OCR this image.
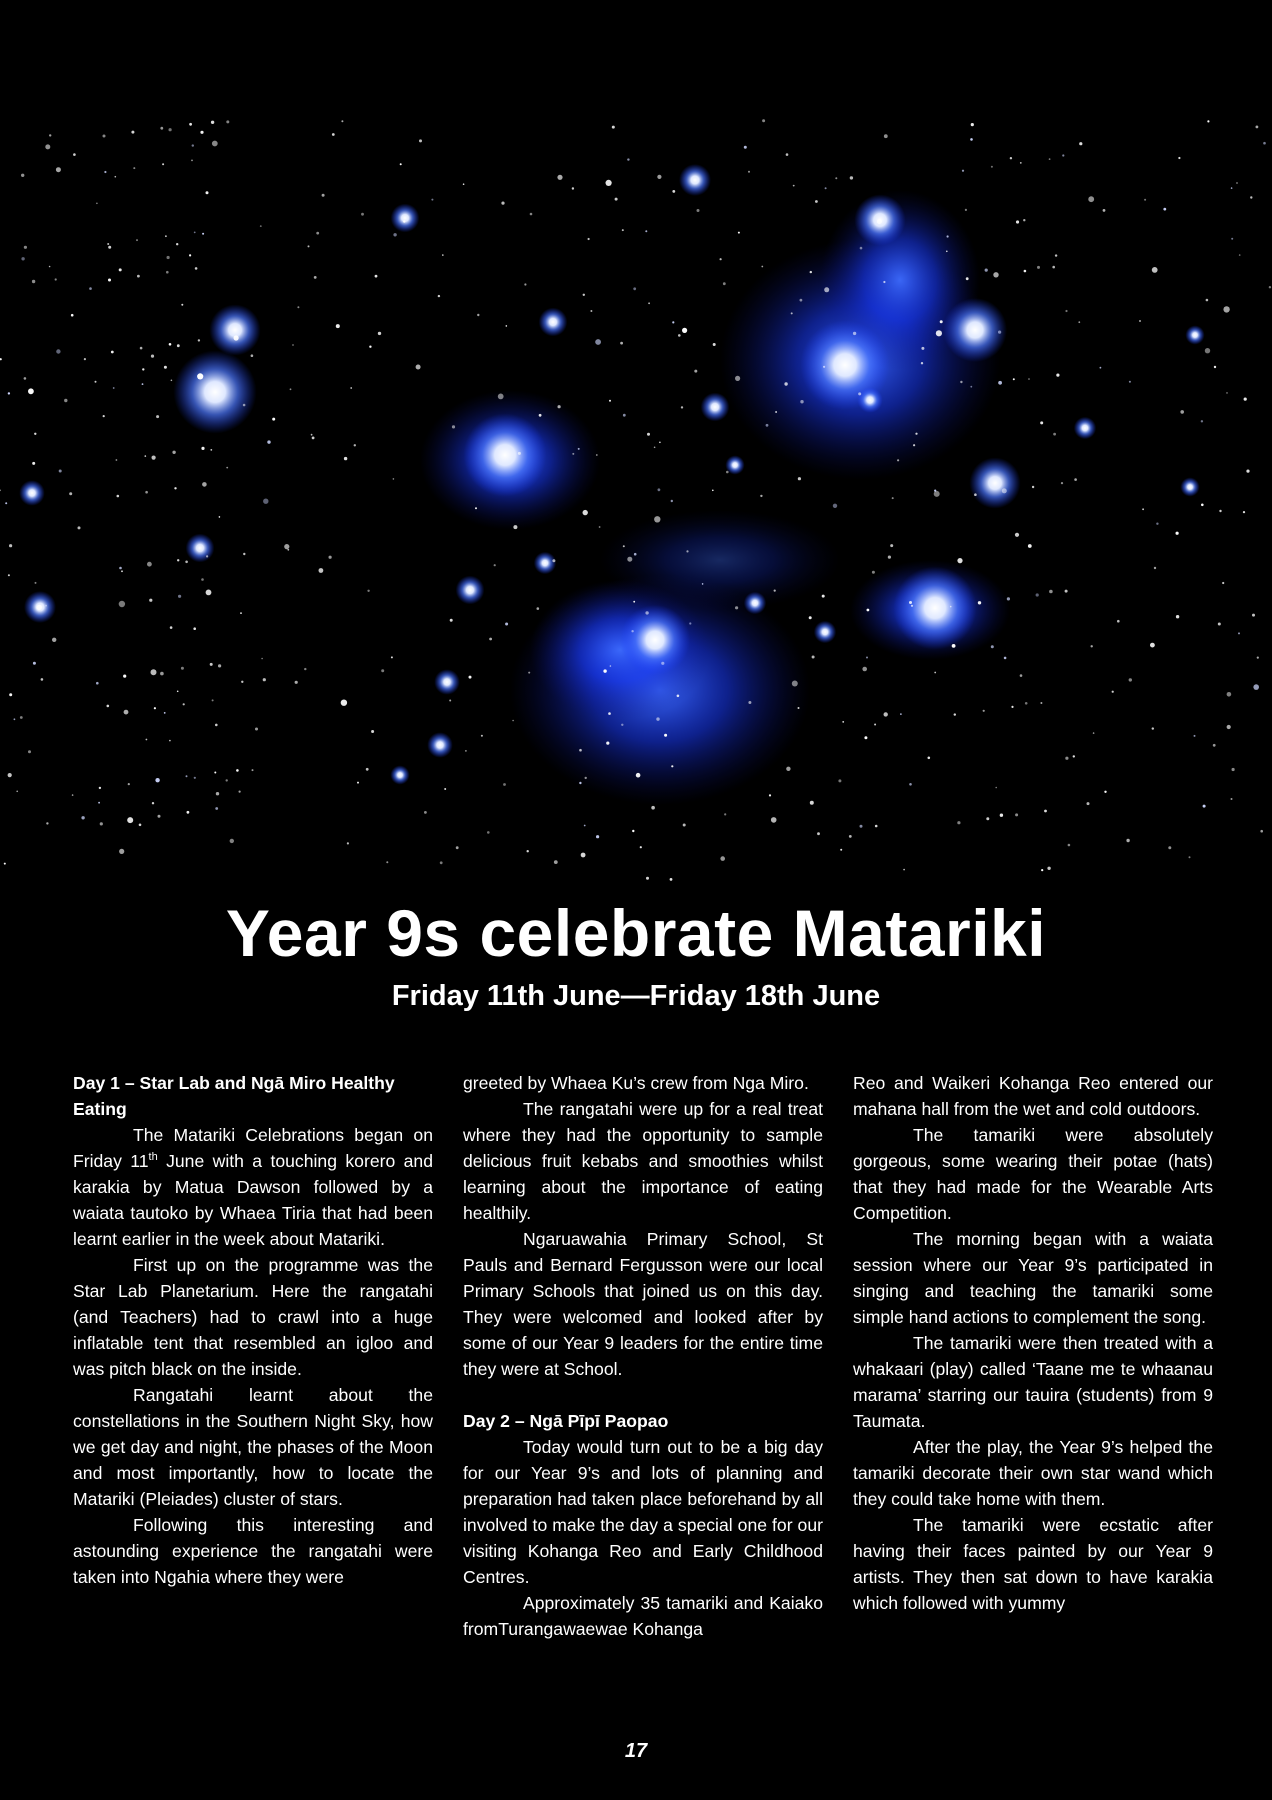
Year 9s celebrate Matariki
Friday 11th June—Friday 18th June

Day 1 – Star Lab and Ngā Miro Healthy Eating

The Matariki Celebrations began on Friday 11th June with a touching korero and karakia by Matua Dawson followed by a waiata tautoko by Whaea Tiria that had been learnt earlier in the week about Matariki.

First up on the programme was the Star Lab Planetarium. Here the rangatahi (and Teachers) had to crawl into a huge inflatable tent that resembled an igloo and was pitch black on the inside.

Rangatahi learnt about the constellations in the Southern Night Sky, how we get day and night, the phases of the Moon and most importantly, how to locate the Matariki (Pleiades) cluster of stars.

Following this interesting and astounding experience the rangatahi were taken into Ngahia where they were

greeted by Whaea Ku’s crew from Nga Miro.

The rangatahi were up for a real treat where they had the opportunity to sample delicious fruit kebabs and smoothies whilst learning about the importance of eating healthily.

Ngaruawahia Primary School, St Pauls and Bernard Fergusson were our local Primary Schools that joined us on this day. They were welcomed and looked after by some of our Year 9 leaders for the entire time they were at School.

Day 2 – Ngā Pīpī Paopao

Today would turn out to be a big day for our Year 9’s and lots of planning and preparation had taken place beforehand by all involved to make the day a special one for our visiting Kohanga Reo and Early Childhood Centres.

Approximately 35 tamariki and Kaiako fromTurangawaewae Kohanga

Reo and Waikeri Kohanga Reo entered our mahana hall from the wet and cold outdoors.

The tamariki were absolutely gorgeous, some wearing their potae (hats) that they had made for the Wearable Arts Competition.

The morning began with a waiata session where our Year 9’s participated in singing and teaching the tamariki some simple hand actions to complement the song.

The tamariki were then treated with a whakaari (play) called ‘Taane me te whaanau marama’ starring our tauira (students) from 9 Taumata.

After the play, the Year 9’s helped the tamariki decorate their own star wand which they could take home with them.

The tamariki were ecstatic after having their faces painted by our Year 9 artists. They then sat down to have karakia which followed with yummy

17
